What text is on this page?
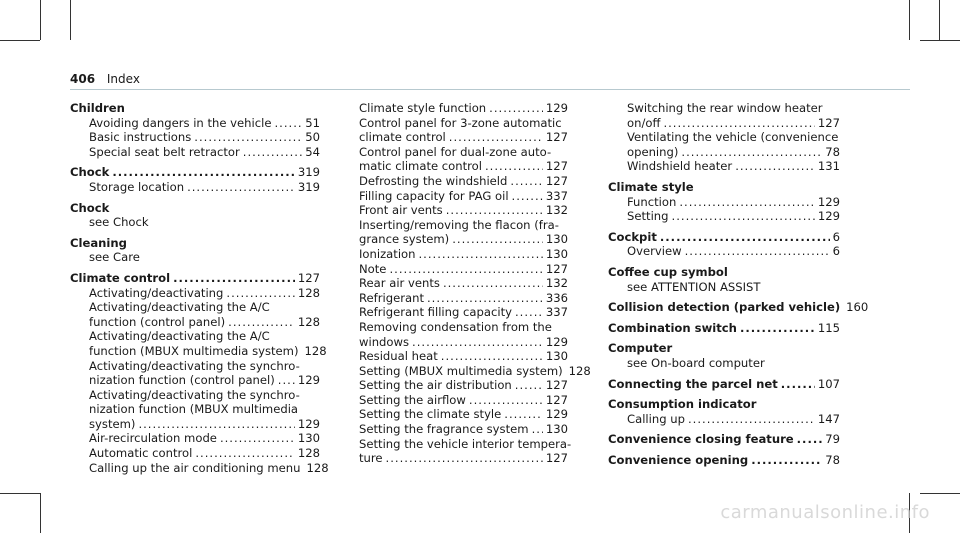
406 Index
Children
Avoiding dangers in the vehicle .....	51
Basic instructions .....	50
Special seat belt retractor .....	54
Chock .....	319
Storage location .....	319
Chock
see Chock
Cleaning
see Care
Climate control .....	127
Activating/deactivating .....	128
Activating/deactivating the A/C
function (control panel) .....	128
Activating/deactivating the A/C
function (MBUX multimedia system) 128
Activating/deactivating the synchro-
nization function (control panel) ..... 129
Activating/deactivating the synchro-
nization function (MBUX multimedia
system) .....	129
Air-recirculation mode .....	130
Automatic control .....	128
Calling up the air conditioning menu 128
Climate style function .....	129
Control panel for 3-zone automatic
climate control .....	127
Control panel for dual-zone auto-
matic climate control .....	127
Defrosting the windshield .....	127
Filling capacity for PAG oil .....	337
Front air vents .....	132
Inserting/removing the flacon (fra-
grance system) .....	130
Ionization .....	130
Note .....	127
Rear air vents .....	132
Refrigerant .....	336
Refrigerant filling capacity .....	337
Removing condensation from the
windows .....	129
Residual heat .....	130
Setting (MBUX multimedia system) 128
Setting the air distribution .....	127
Setting the airflow .....	127
Setting the climate style .....	129
Setting the fragrance system ..... 130
Setting the vehicle interior tempera-
ture .....	127
Switching the rear window heater
on/off .....	127
Ventilating the vehicle (convenience
opening) .....	78
Windshield heater .....	131
Climate style
Function .....	129
Setting .....	129
Cockpit .....	6
Overview .....	6
Coffee cup symbol
see ATTENTION ASSIST
Collision detection (parked vehicle) 160
Combination switch .....	115
Computer
see On-board computer
Connecting the parcel net .....	107
Consumption indicator
Calling up .....	147
Convenience closing feature .....	79
Convenience opening .....	78
carmanualsonline.info
